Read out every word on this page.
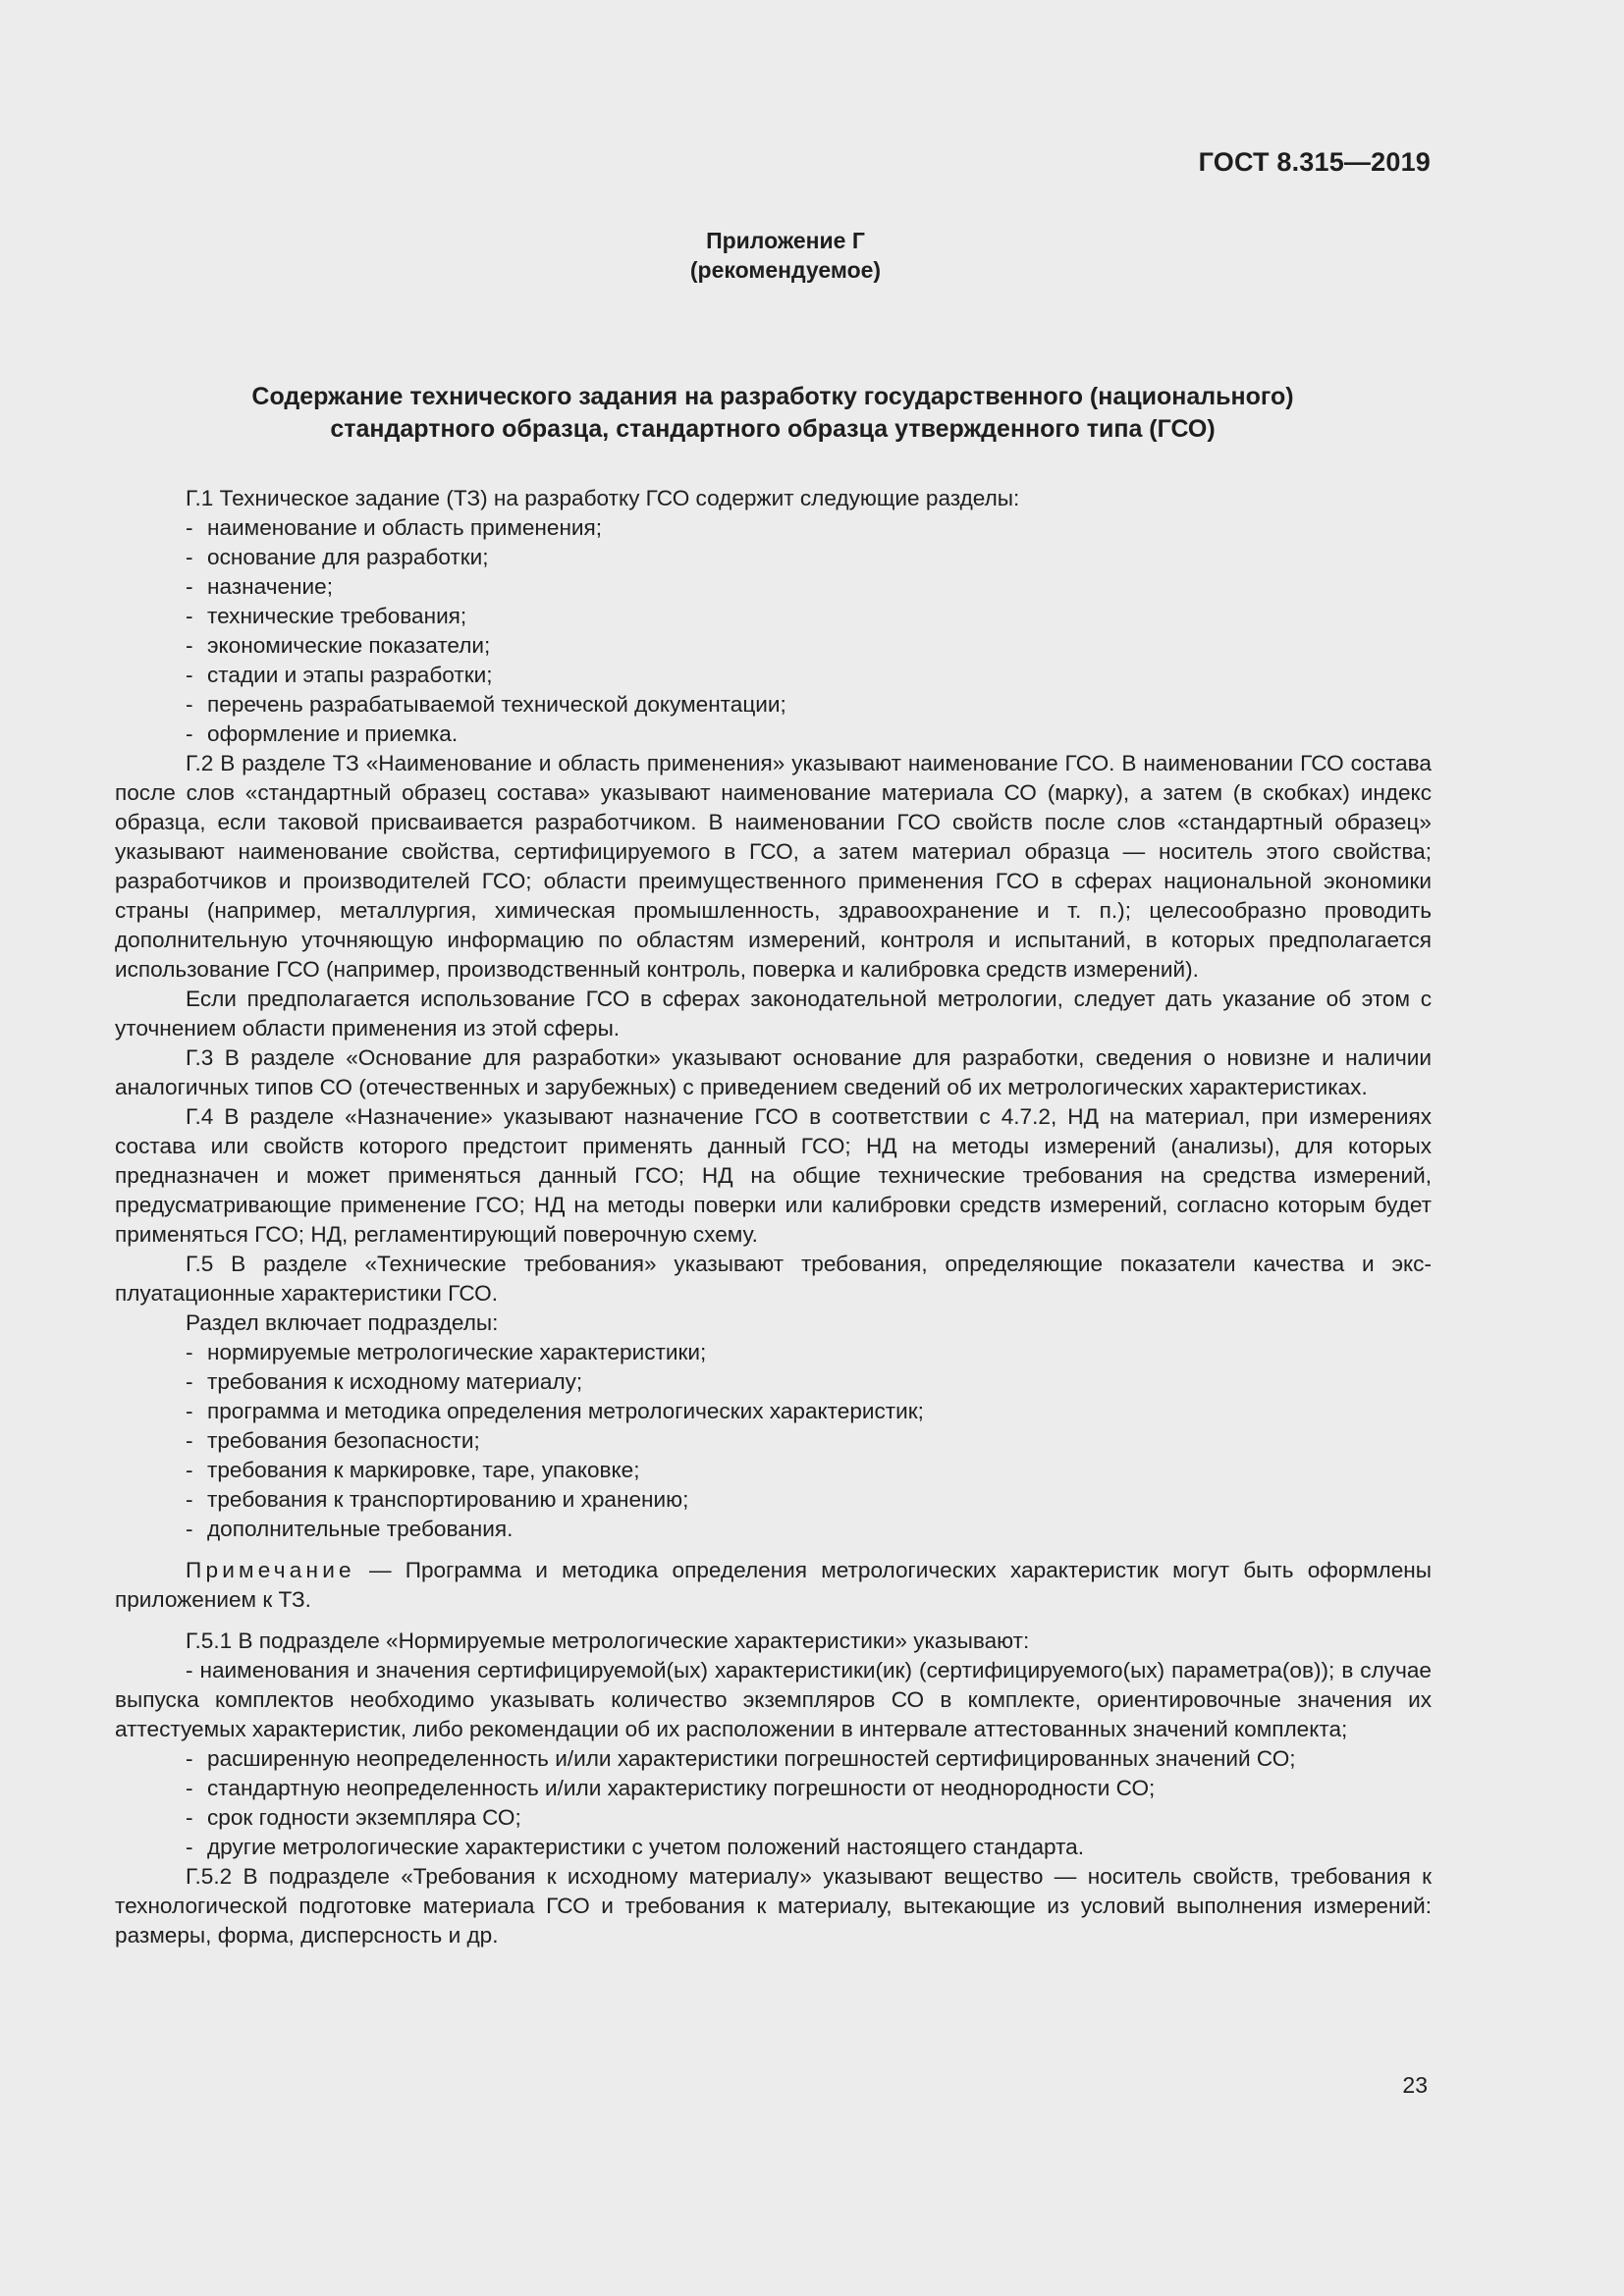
ГОСТ 8.315—2019
Приложение Г
(рекомендуемое)
Содержание технического задания на разработку государственного (национального)
стандартного образца, стандартного образца утвержденного типа (ГСО)

Г.1 Техническое задание (ТЗ) на разработку ГСО содержит следующие разделы:

- наименование и область применения;

- основание для разработки;

- назначение;

- технические требования;

- экономические показатели;

- стадии и этапы разработки;

- перечень разрабатываемой технической документации;

- оформление и приемка.

Г.2 В разделе ТЗ «Наименование и область применения» указывают наименование ГСО. В наименовании ГСО состава после слов «стандартный образец состава» указывают наименование материала СО (марку), а затем (в скобках) индекс образца, если таковой присваивается разработчиком. В наименовании ГСО свойств после слов «стандартный образец» указывают наименование свойства, сертифицируемого в ГСО, а затем материал образца — носитель этого свойства; разработчиков и производителей ГСО; области преимущественного применения ГСО в сферах национальной экономики страны (например, металлургия, химическая промышленность, здравоохранение и т. п.); целесообразно проводить дополнительную уточняющую информацию по областям измерений, контроля и испытаний, в которых предполагается использование ГСО (например, производственный контроль, поверка и калибровка средств измерений).

Если предполагается использование ГСО в сферах законодательной метрологии, следует дать указание об этом с уточнением области применения из этой сферы.

Г.3 В разделе «Основание для разработки» указывают основание для разработки, сведения о новизне и наличии аналогичных типов СО (отечественных и зарубежных) с приведением сведений об их метрологических характеристиках.

Г.4 В разделе «Назначение» указывают назначение ГСО в соответствии с 4.7.2, НД на материал, при измерениях состава или свойств которого предстоит применять данный ГСО; НД на методы измерений (анализы), для которых предназначен и может применяться данный ГСО; НД на общие технические требования на средства измерений, предусматривающие применение ГСО; НД на методы поверки или калибровки средств измерений, согласно которым будет применяться ГСО; НД, регламентирующий поверочную схему.

Г.5 В разделе «Технические требования» указывают требования, определяющие показатели качества и эксплуатационные характеристики ГСО.

Раздел включает подразделы:

- нормируемые метрологические характеристики;

- требования к исходному материалу;

- программа и методика определения метрологических характеристик;

- требования безопасности;

- требования к маркировке, таре, упаковке;

- требования к транспортированию и хранению;

- дополнительные требования.

Примечание — Программа и методика определения метрологических характеристик могут быть оформлены приложением к ТЗ.

Г.5.1 В подразделе «Нормируемые метрологические характеристики» указывают:

- наименования и значения сертифицируемой(ых) характеристики(ик) (сертифицируемого(ых) параметра(ов)); в случае выпуска комплектов необходимо указывать количество экземпляров СО в комплекте, ориентировочные значения их аттестуемых характеристик, либо рекомендации об их расположении в интервале аттестованных значений комплекта;

- расширенную неопределенность и/или характеристики погрешностей сертифицированных значений СО;

- стандартную неопределенность и/или характеристику погрешности от неоднородности СО;

- срок годности экземпляра СО;

- другие метрологические характеристики с учетом положений настоящего стандарта.

Г.5.2 В подразделе «Требования к исходному материалу» указывают вещество — носитель свойств, требования к технологической подготовке материала ГСО и требования к материалу, вытекающие из условий выполнения измерений: размеры, форма, дисперсность и др.

23
